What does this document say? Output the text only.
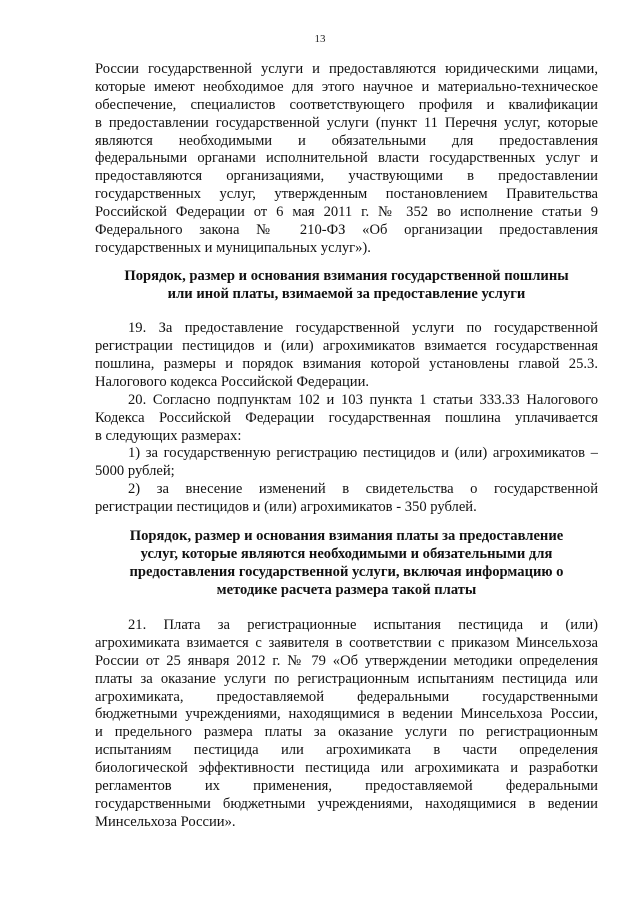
13
России государственной услуги и предоставляются юридическими лицами,
которые имеют необходимое для этого научное и материально-техническое
обеспечение, специалистов соответствующего профиля и квалификации
в предоставлении государственной услуги (пункт 11 Перечня услуг, которые
являются необходимыми и обязательными для предоставления
федеральными органами исполнительной власти государственных услуг и
предоставляются организациями, участвующими в предоставлении
государственных услуг, утвержденным постановлением Правительства
Российской Федерации от 6 мая 2011 г. № 352 во исполнение статьи 9
Федерального закона № 210-ФЗ «Об организации предоставления
государственных и муниципальных услуг»).
Порядок, размер и основания взимания государственной пошлины
или иной платы, взимаемой за предоставление услуги
19. За предоставление государственной услуги по государственной
регистрации пестицидов и (или) агрохимикатов взимается государственная
пошлина, размеры и порядок взимания которой установлены главой 25.3.
Налогового кодекса Российской Федерации.
20. Согласно подпунктам 102 и 103 пункта 1 статьи 333.33 Налогового
Кодекса Российской Федерации государственная пошлина уплачивается
в следующих размерах:
1) за государственную регистрацию пестицидов и (или) агрохимикатов –
5000 рублей;
2) за внесение изменений в свидетельства о государственной
регистрации пестицидов и (или) агрохимикатов - 350 рублей.
Порядок, размер и основания взимания платы за предоставление
услуг, которые являются необходимыми и обязательными для
предоставления государственной услуги, включая информацию о
методике расчета размера такой платы
21. Плата за регистрационные испытания пестицида и (или)
агрохимиката взимается с заявителя в соответствии с приказом Минсельхоза
России от 25 января 2012 г. № 79 «Об утверждении методики определения
платы за оказание услуги по регистрационным испытаниям пестицида или
агрохимиката, предоставляемой федеральными государственными
бюджетными учреждениями, находящимися в ведении Минсельхоза России,
и предельного размера платы за оказание услуги по регистрационным
испытаниям пестицида или агрохимиката в части определения
биологической эффективности пестицида или агрохимиката и разработки
регламентов их применения, предоставляемой федеральными
государственными бюджетными учреждениями, находящимися в ведении
Минсельхоза России».
